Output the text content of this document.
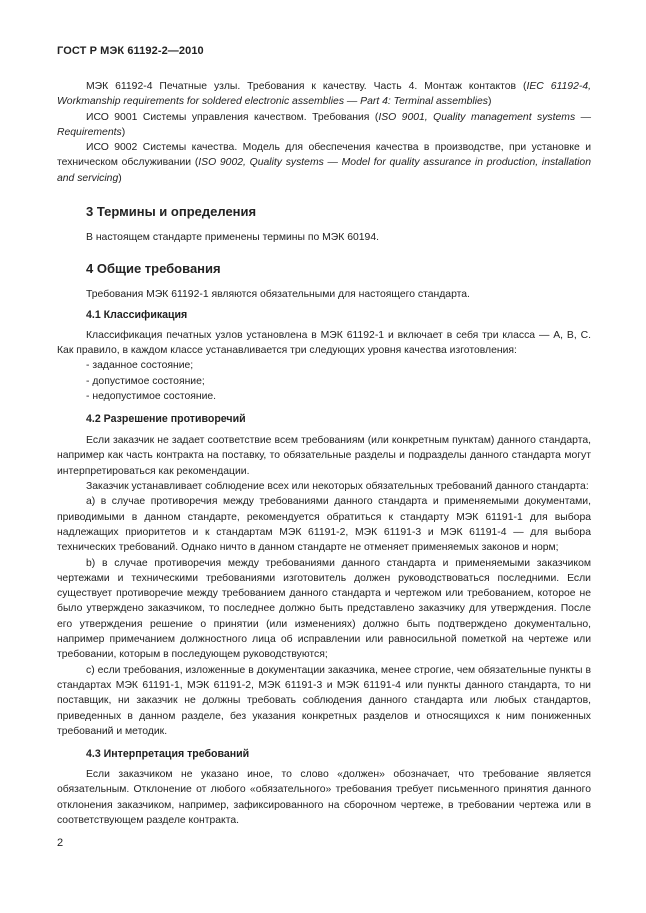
ГОСТ Р МЭК 61192-2—2010

МЭК 61192-4 Печатные узлы. Требования к качеству. Часть 4. Монтаж контактов (IEC 61192-4, Workmanship requirements for soldered electronic assemblies — Part 4: Terminal assemblies)

ИСО 9001 Системы управления качеством. Требования (ISO 9001, Quality management systems — Requirements)

ИСО 9002 Системы качества. Модель для обеспечения качества в производстве, при установке и техническом обслуживании (ISO 9002, Quality systems — Model for quality assurance in production, installation and servicing)

3 Термины и определения

В настоящем стандарте применены термины по МЭК 60194.

4 Общие требования

Требования МЭК 61192-1 являются обязательными для настоящего стандарта.

4.1 Классификация

Классификация печатных узлов установлена в МЭК 61192-1 и включает в себя три класса — А, В, С. Как правило, в каждом классе устанавливается три следующих уровня качества изготовления:

- заданное состояние;

- допустимое состояние;

- недопустимое состояние.

4.2 Разрешение противоречий

Если заказчик не задает соответствие всем требованиям (или конкретным пунктам) данного стандарта, например как часть контракта на поставку, то обязательные разделы и подразделы данного стандарта могут интерпретироваться как рекомендации.

Заказчик устанавливает соблюдение всех или некоторых обязательных требований данного стандарта:

а) в случае противоречия между требованиями данного стандарта и применяемыми документами, приводимыми в данном стандарте, рекомендуется обратиться к стандарту МЭК 61191-1 для выбора надлежащих приоритетов и к стандартам МЭК 61191-2, МЭК 61191-3 и МЭК 61191-4 — для выбора технических требований. Однако ничто в данном стандарте не отменяет применяемых законов и норм;

b) в случае противоречия между требованиями данного стандарта и применяемыми заказчиком чертежами и техническими требованиями изготовитель должен руководствоваться последними. Если существует противоречие между требованием данного стандарта и чертежом или требованием, которое не было утверждено заказчиком, то последнее должно быть представлено заказчику для утверждения. После его утверждения решение о принятии (или изменениях) должно быть подтверждено документально, например примечанием должностного лица об исправлении или равносильной пометкой на чертеже или требовании, которым в последующем руководствуются;

с) если требования, изложенные в документации заказчика, менее строгие, чем обязательные пункты в стандартах МЭК 61191-1, МЭК 61191-2, МЭК 61191-3 и МЭК 61191-4 или пункты данного стандарта, то ни поставщик, ни заказчик не должны требовать соблюдения данного стандарта или любых стандартов, приведенных в данном разделе, без указания конкретных разделов и относящихся к ним пониженных требований и методик.

4.3 Интерпретация требований

Если заказчиком не указано иное, то слово «должен» обозначает, что требование является обязательным. Отклонение от любого «обязательного» требования требует письменного принятия данного отклонения заказчиком, например, зафиксированного на сборочном чертеже, в требовании чертежа или в соответствующем разделе контракта.

2
